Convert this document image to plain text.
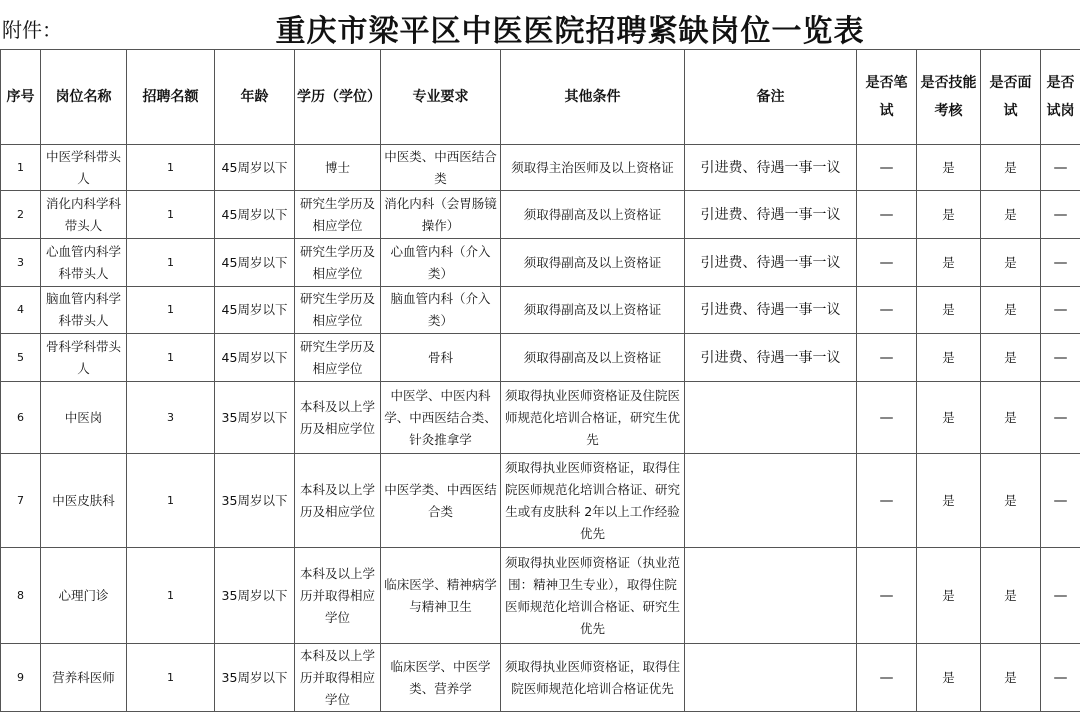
附件：	重庆市梁平区中医医院招聘紧缺岗位一览表
序号	岗位名称	招聘名额	年龄	学历（学位）	专业要求	其他条件	备注	是否笔试	是否技能考核	是否面试	是否试岗
1	中医学科带头人	1	45周岁以下	博士	中医类、中西医结合类	须取得主治医师及以上资格证	引进费、待遇一事一议	—	是	是	—
2	消化内科学科带头人	1	45周岁以下	研究生学历及相应学位	消化内科（会胃肠镜操作）	须取得副高及以上资格证	引进费、待遇一事一议	—	是	是	—
3	心血管内科学科带头人	1	45周岁以下	研究生学历及相应学位	心血管内科（介入类）	须取得副高及以上资格证	引进费、待遇一事一议	—	是	是	—
4	脑血管内科学科带头人	1	45周岁以下	研究生学历及相应学位	脑血管内科（介入类）	须取得副高及以上资格证	引进费、待遇一事一议	—	是	是	—
5	骨科学科带头人	1	45周岁以下	研究生学历及相应学位	骨科	须取得副高及以上资格证	引进费、待遇一事一议	—	是	是	—
6	中医岗	3	35周岁以下	本科及以上学历及相应学位	中医学、中医内科学、中西医结合类、针灸推拿学	须取得执业医师资格证及住院医师规范化培训合格证，研究生优先		—	是	是	—
7	中医皮肤科	1	35周岁以下	本科及以上学历及相应学位	中医学类、中西医结合类	须取得执业医师资格证，取得住院医师规范化培训合格证、研究生或有皮肤科 2年以上工作经验优先		—	是	是	—
8	心理门诊	1	35周岁以下	本科及以上学历并取得相应学位	临床医学、精神病学与精神卫生	须取得执业医师资格证（执业范围：精神卫生专业），取得住院医师规范化培训合格证、研究生优先		—	是	是	—
9	营养科医师	1	35周岁以下	本科及以上学历并取得相应学位	临床医学、中医学类、营养学	须取得执业医师资格证，取得住院医师规范化培训合格证优先		—	是	是	—
